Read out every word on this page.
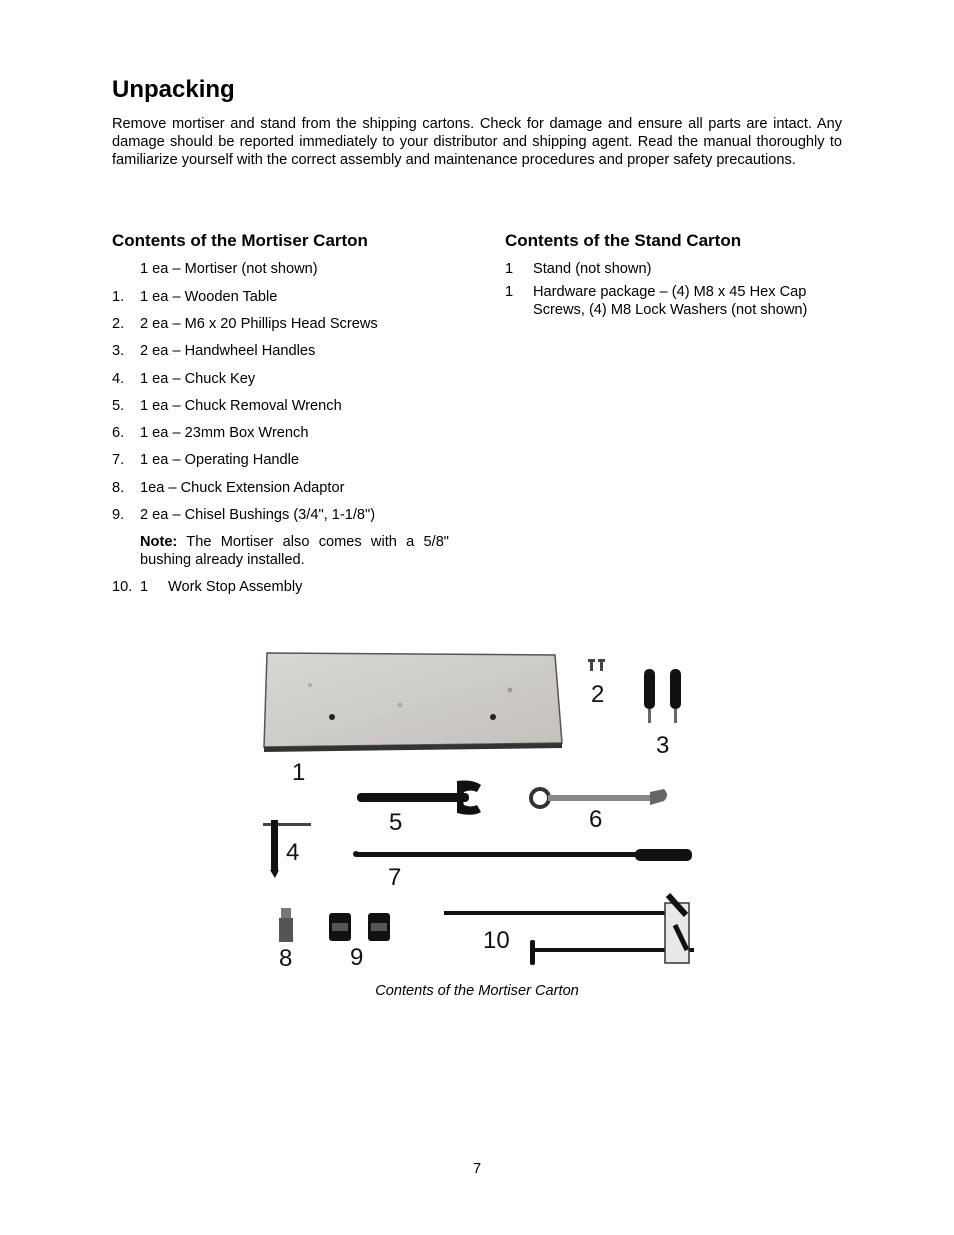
Unpacking

Remove mortiser and stand from the shipping cartons. Check for damage and ensure all parts are intact. Any damage should be reported immediately to your distributor and shipping agent. Read the manual thoroughly to familiarize yourself with the correct assembly and maintenance procedures and proper safety precautions.

Contents of the Mortiser Carton
1 ea – Mortiser (not shown)
1. 1 ea – Wooden Table
2. 2 ea – M6 x 20 Phillips Head Screws
3. 2 ea – Handwheel Handles
4. 1 ea – Chuck Key
5. 1 ea – Chuck Removal Wrench
6. 1 ea – 23mm Box Wrench
7. 1 ea – Operating Handle
8. 1ea – Chuck Extension Adaptor
9. 2 ea – Chisel Bushings (3/4", 1-1/8")
Note: The Mortiser also comes with a 5/8" bushing already installed.
10. 1 Work Stop Assembly
Contents of the Stand Carton
1 Stand (not shown)
1 Hardware package – (4) M8 x 45 Hex Cap Screws, (4) M8 Lock Washers (not shown)
1
2
3
4
5	6
7
8 9
10
Contents of the Mortiser Carton
7
